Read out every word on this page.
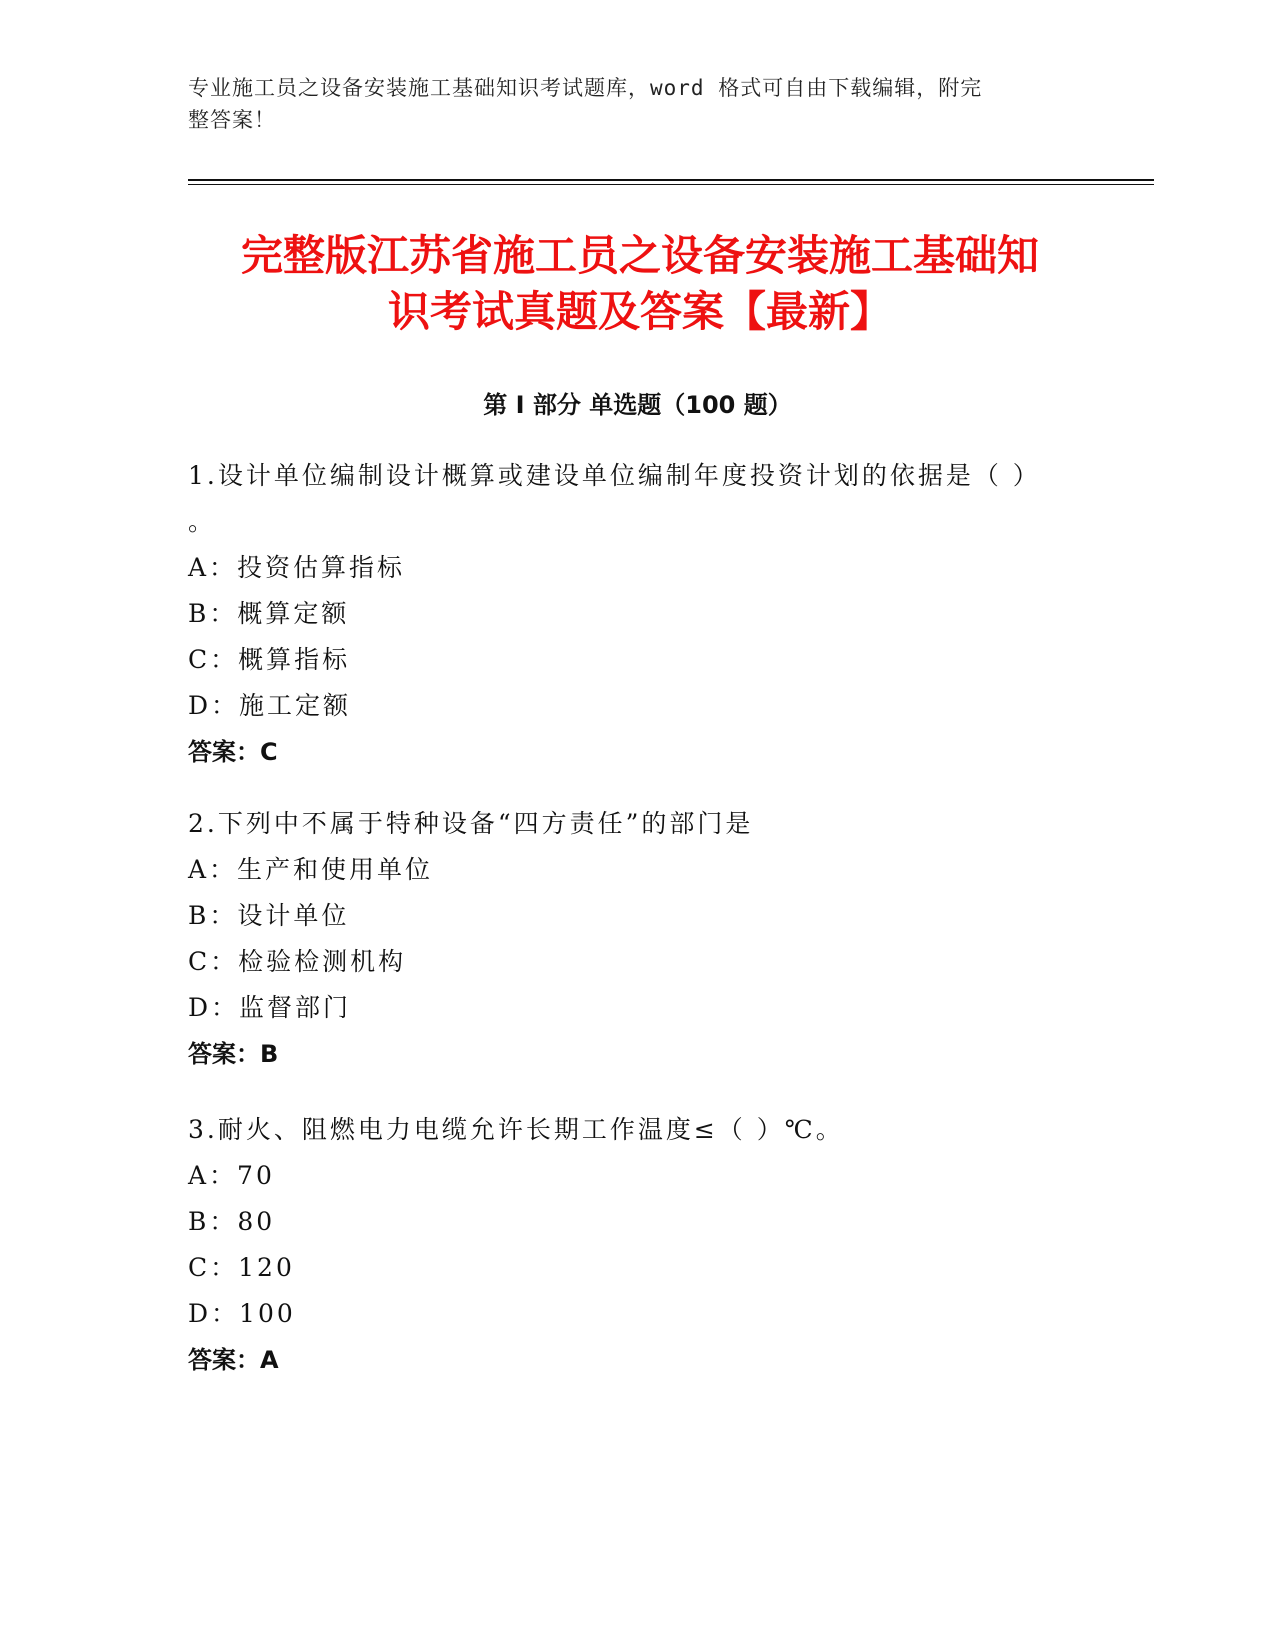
专业施工员之设备安装施工基础知识考试题库，word 格式可自由下载编辑，附完
整答案！
完整版江苏省施工员之设备安装施工基础知
识考试真题及答案【最新】
第 I 部分 单选题（100 题）
1.设计单位编制设计概算或建设单位编制年度投资计划的依据是（ ）
。
A：投资估算指标
B：概算定额
C：概算指标
D：施工定额
答案：C
2.下列中不属于特种设备“四方责任”的部门是
A：生产和使用单位
B：设计单位
C：检验检测机构
D：监督部门
答案：B
3.耐火、阻燃电力电缆允许长期工作温度≤（ ）℃。
A：70
B：80
C：120
D：100
答案：A
